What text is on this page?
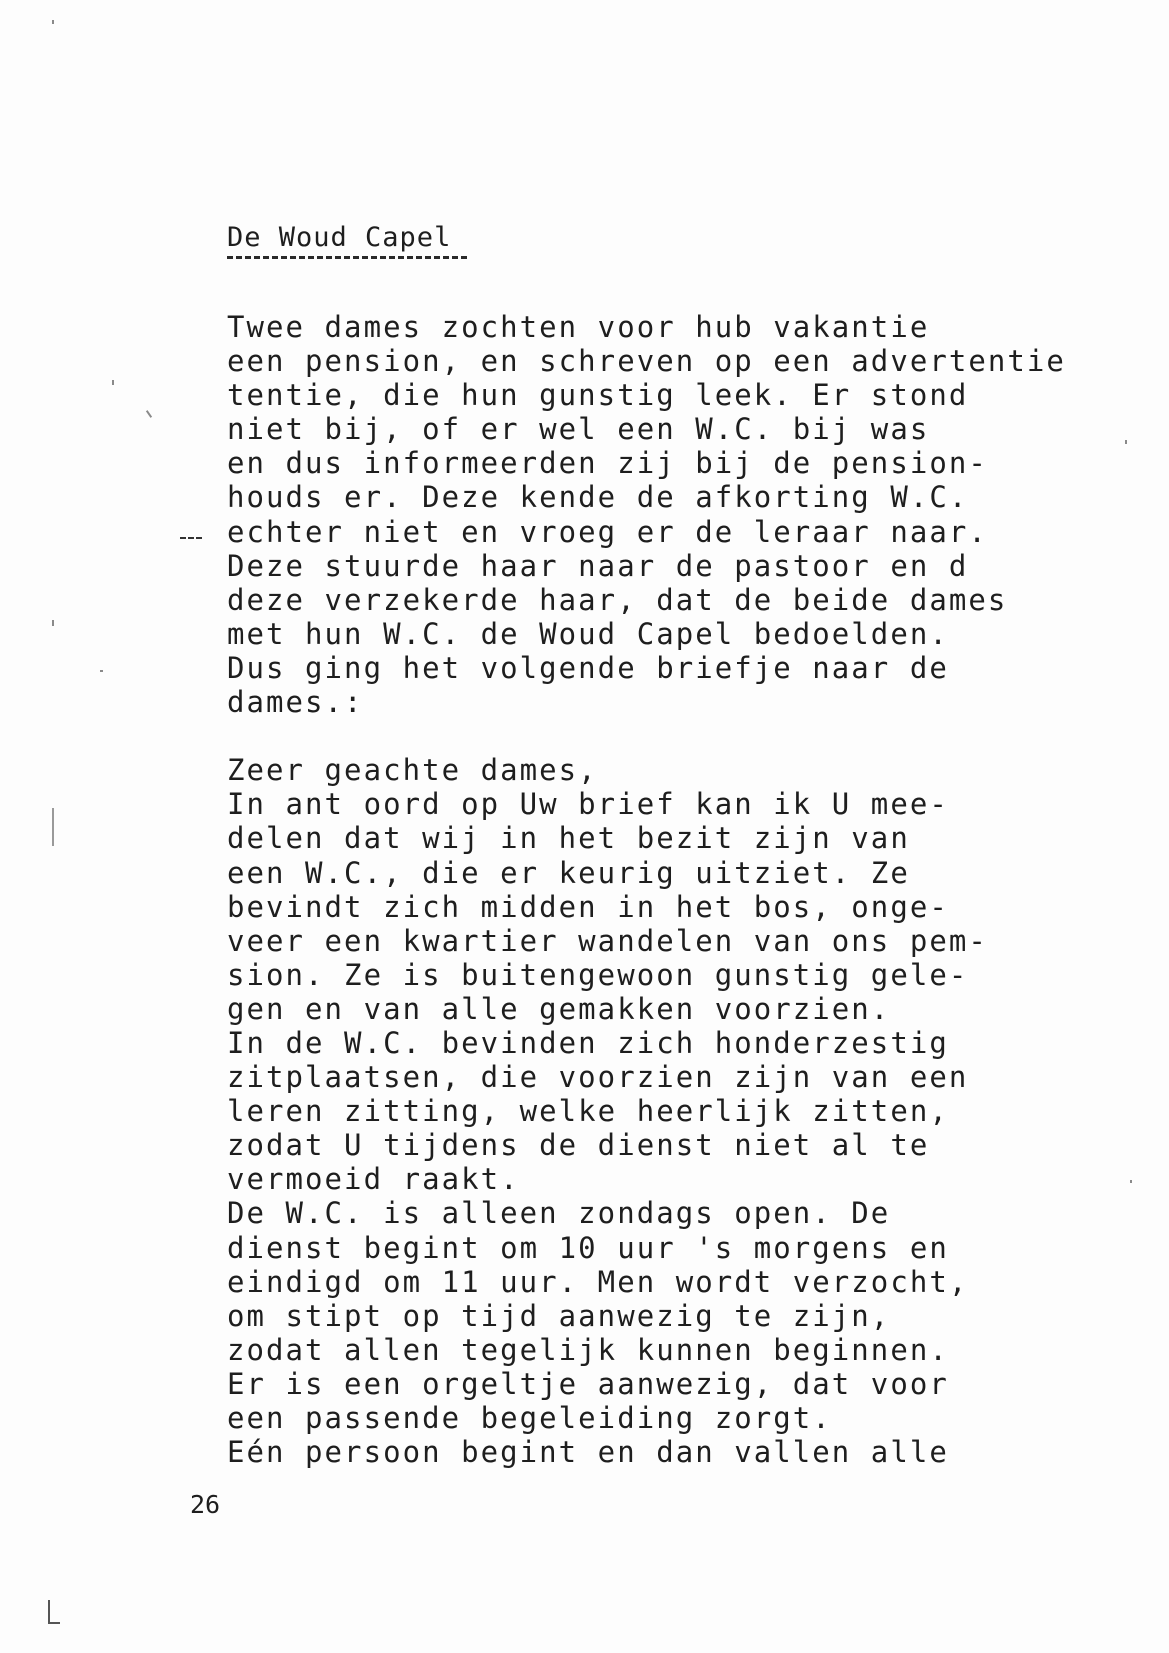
De Woud Capel
Twee dames zochten voor hub vakantie
een pension, en schreven op een advertentie
tentie, die hun gunstig leek. Er stond
niet bij, of er wel een W.C. bij was
en dus informeerden zij bij de pension-
houds er. Deze kende de afkorting W.C.
echter niet en vroeg er de leraar naar.
Deze stuurde haar naar de pastoor en d
deze verzekerde haar, dat de beide dames
met hun W.C. de Woud Capel bedoelden.
Dus ging het volgende briefje naar de
dames.:
Zeer geachte dames,
In ant oord op Uw brief kan ik U mee-
delen dat wij in het bezit zijn van
een W.C., die er keurig uitziet. Ze
bevindt zich midden in het bos, onge-
veer een kwartier wandelen van ons pem-
sion. Ze is buitengewoon gunstig gele-
gen en van alle gemakken voorzien.
In de W.C. bevinden zich honderzestig
zitplaatsen, die voorzien zijn van een
leren zitting, welke heerlijk zitten,
zodat U tijdens de dienst niet al te
vermoeid raakt.
De W.C. is alleen zondags open. De
dienst begint om 10 uur 's morgens en
eindigd om 11 uur. Men wordt verzocht,
om stipt op tijd aanwezig te zijn,
zodat allen tegelijk kunnen beginnen.
Er is een orgeltje aanwezig, dat voor
een passende begeleiding zorgt.
Eén persoon begint en dan vallen alle
26
